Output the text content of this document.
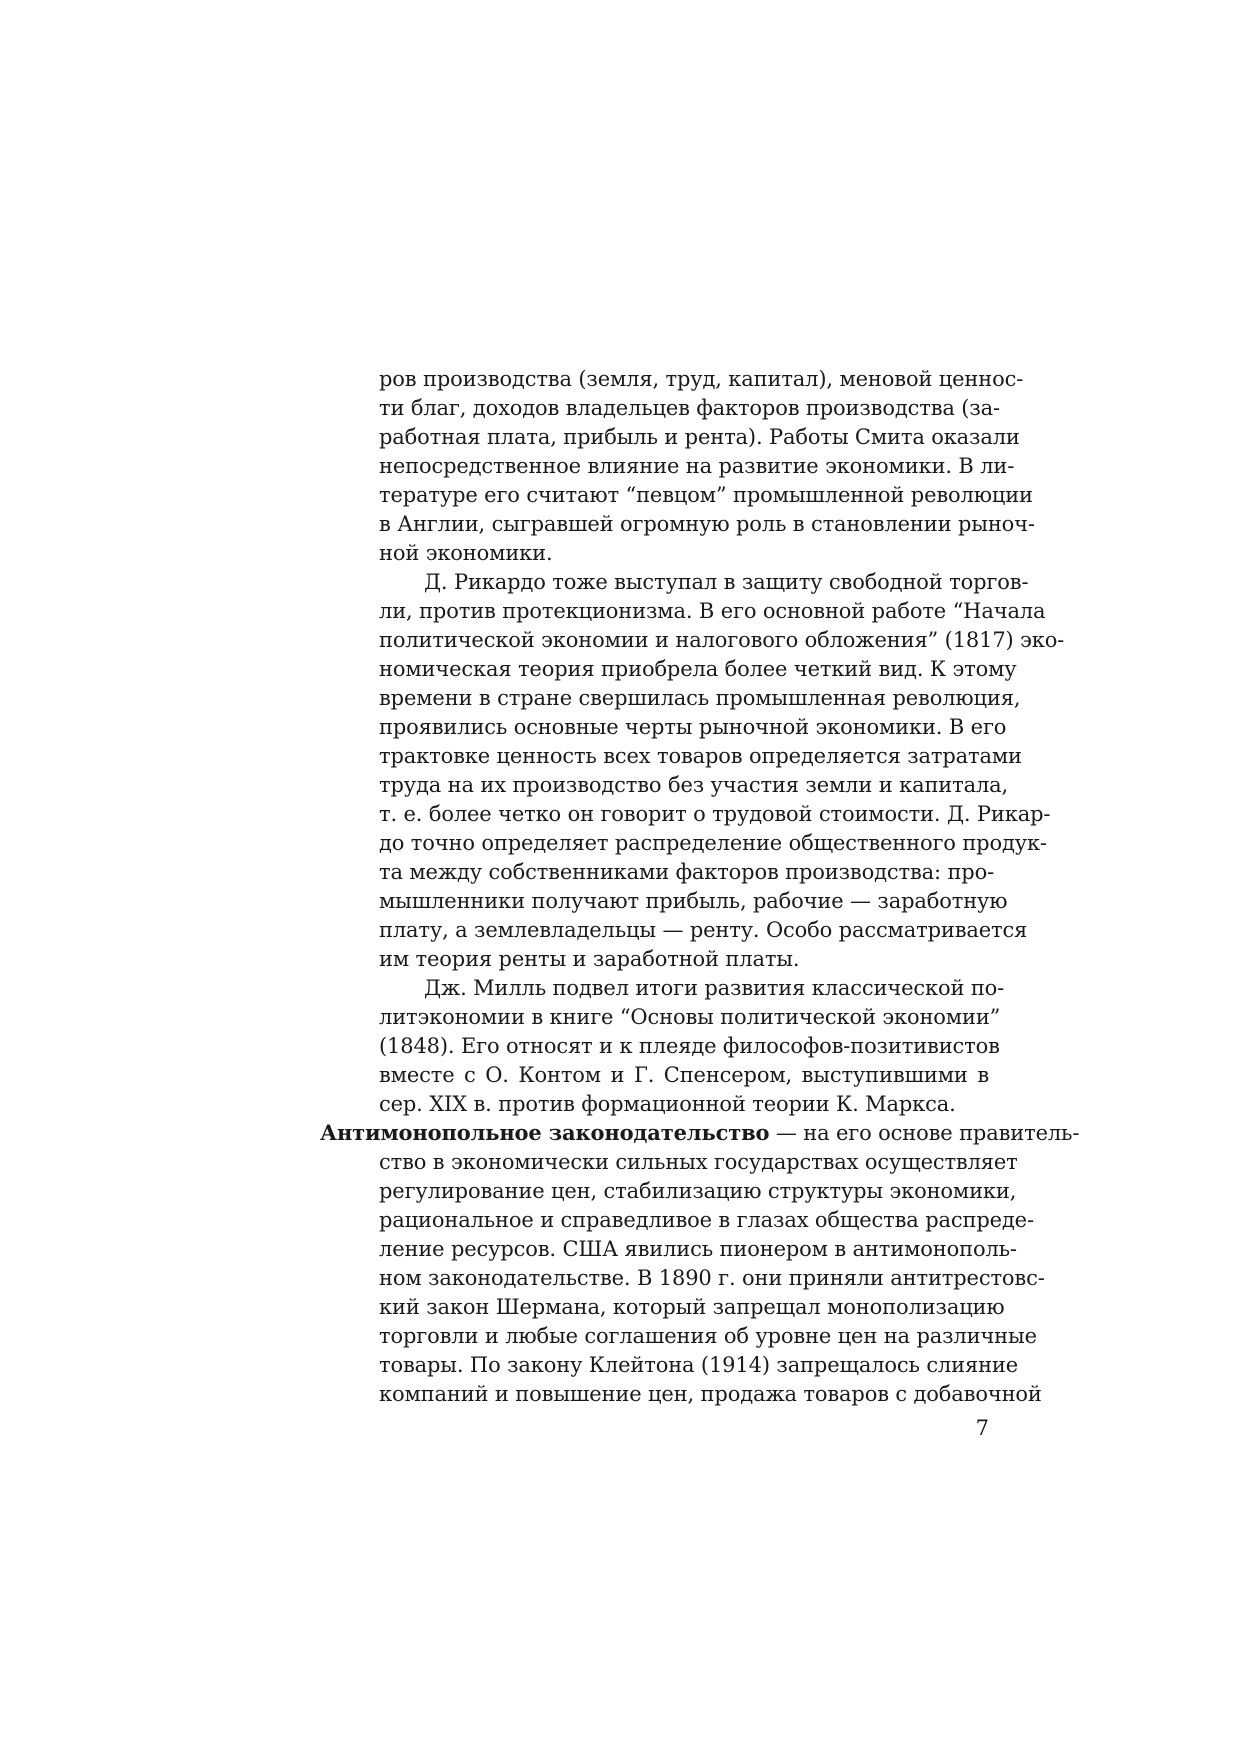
ров производства (земля, труд, капитал), меновой ценнос-
ти благ, доходов владельцев факторов производства (за-
работная плата, прибыль и рента). Работы Смита оказали
непосредственное влияние на развитие экономики. В ли-
тературе его считают “певцом” промышленной революции
в Англии, сыгравшей огромную роль в становлении рыноч-
ной экономики.
Д. Рикардо тоже выступал в защиту свободной торгов-
ли, против протекционизма. В его основной работе “Начала
политической экономии и налогового обложения” (1817) эко-
номическая теория приобрела более четкий вид. К этому
времени в стране свершилась промышленная революция,
проявились основные черты рыночной экономики. В его
трактовке ценность всех товаров определяется затратами
труда на их производство без участия земли и капитала,
т. е. более четко он говорит о трудовой стоимости. Д. Рикар-
до точно определяет распределение общественного продук-
та между собственниками факторов производства: про-
мышленники получают прибыль, рабочие — заработную
плату, а землевладельцы — ренту. Особо рассматривается
им теория ренты и заработной платы.
Дж. Милль подвел итоги развития классической по-
литэкономии в книге “Основы политической экономии”
(1848). Его относят и к плеяде философов-позитивистов
вместе с О. Контом и Г. Спенсером, выступившими в
сер. XIX в. против формационной теории К. Маркса.
Антимонопольное законодательство — на его основе правитель-
ство в экономически сильных государствах осуществляет
регулирование цен, стабилизацию структуры экономики,
рациональное и справедливое в глазах общества распреде-
ление ресурсов. США явились пионером в антимонополь-
ном законодательстве. В 1890 г. они приняли антитрестовс-
кий закон Шермана, который запрещал монополизацию
торговли и любые соглашения об уровне цен на различные
товары. По закону Клейтона (1914) запрещалось слияние
компаний и повышение цен, продажа товаров с добавочной
7
